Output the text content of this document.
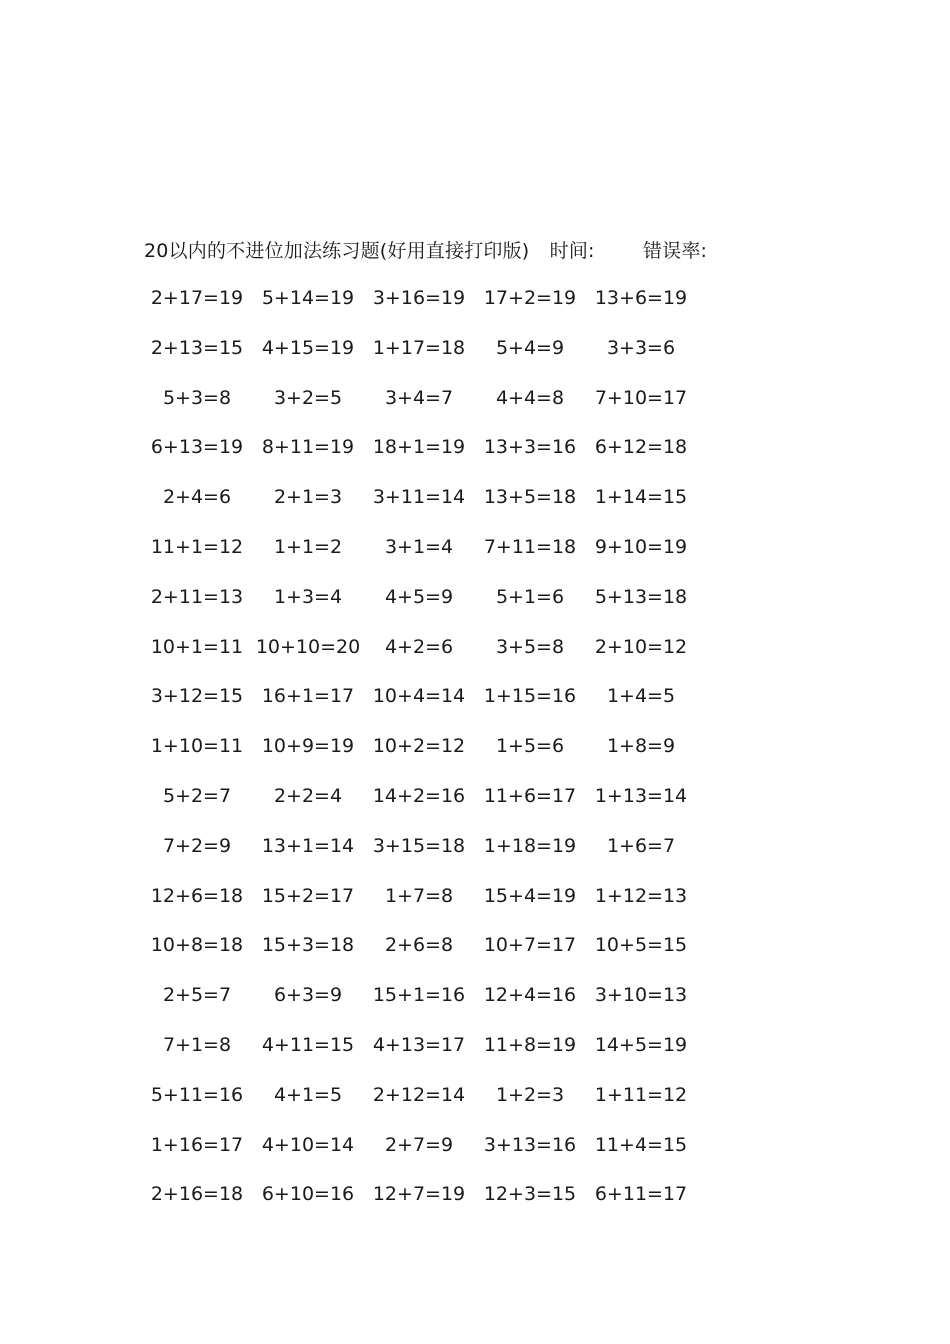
20以内的不进位加法练习题(好用直接打印版) 时间:	错误率:
2+17=19 5+14=19 3+16=19 17+2=19 13+6=19
2+13=15 4+15=19 1+17=18	5+4=9	3+3=6
5+3=8	3+2=5	3+4=7	4+4=8	7+10=17
6+13=19 8+11=19 18+1=19 13+3=16 6+12=18
2+4=6	2+1=3	3+11=14 13+5=18 1+14=15
11+1=12	1+1=2	3+1=4	7+11=18 9+10=19
2+11=13	1+3=4	4+5=9	5+1=6	5+13=18
10+1=11 10+10=20	4+2=6	3+5=8	2+10=12
3+12=15 16+1=17 10+4=14 1+15=16	1+4=5
1+10=11 10+9=19 10+2=12	1+5=6	1+8=9
5+2=7	2+2=4	14+2=16 11+6=17 1+13=14
7+2=9	13+1=14 3+15=18 1+18=19	1+6=7
12+6=18 15+2=17	1+7=8	15+4=19 1+12=13
10+8=18 15+3=18	2+6=8	10+7=17 10+5=15
2+5=7	6+3=9	15+1=16 12+4=16 3+10=13
7+1=8	4+11=15 4+13=17 11+8=19 14+5=19
5+11=16	4+1=5	2+12=14	1+2=3	1+11=12
1+16=17 4+10=14	2+7=9	3+13=16 11+4=15
2+16=18 6+10=16 12+7=19 12+3=15 6+11=17
